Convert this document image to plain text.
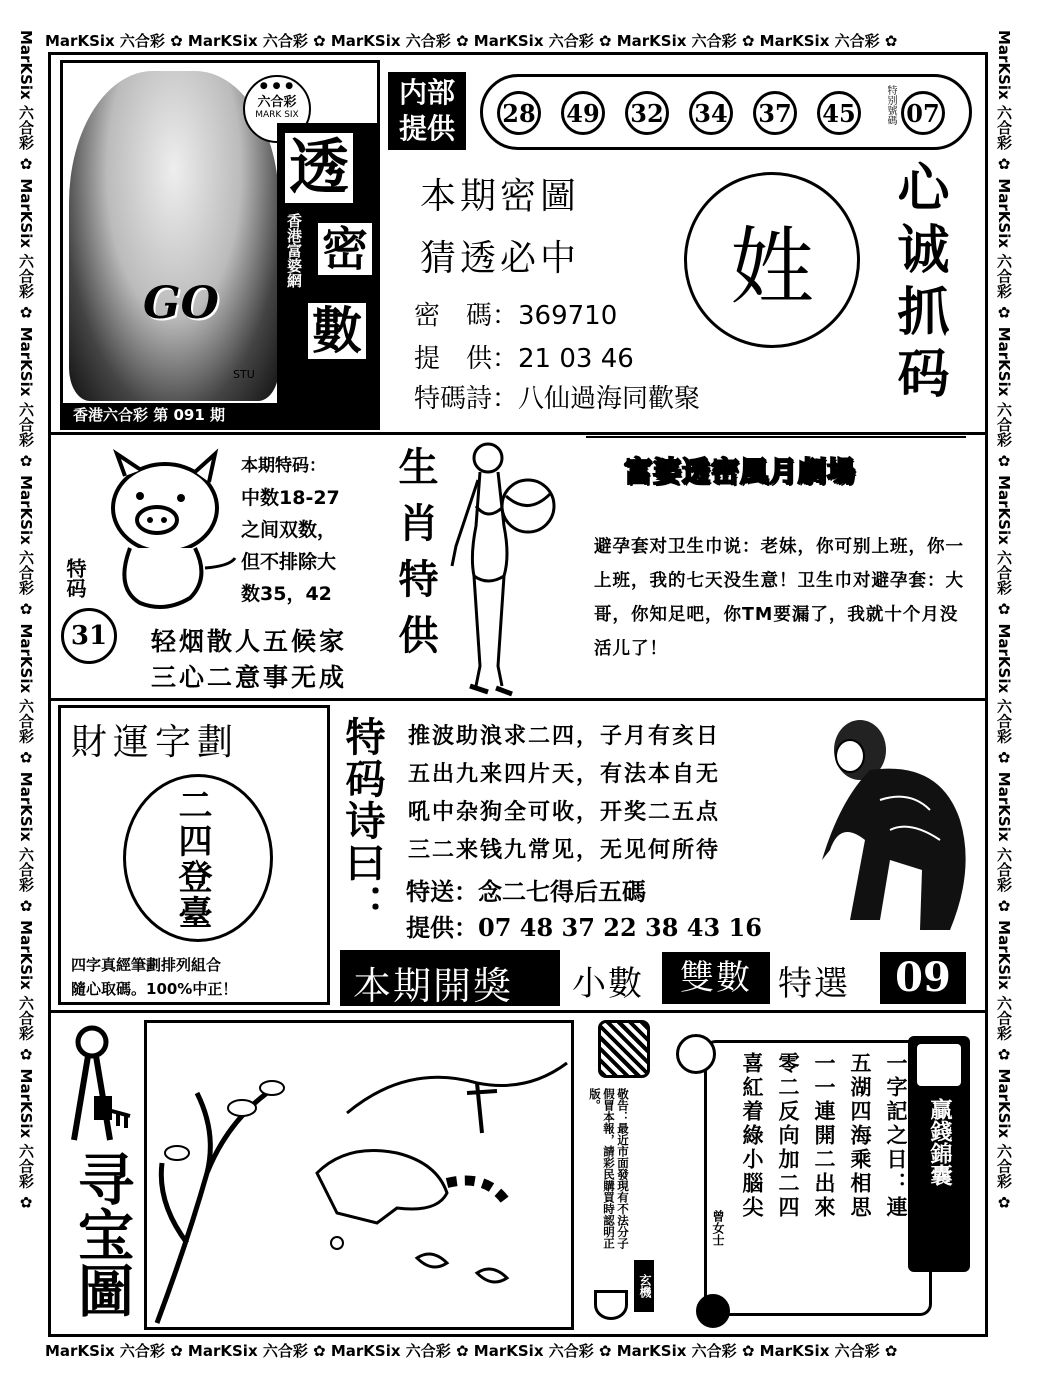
MarKSix 六合彩 ✿ MarKSix 六合彩 ✿ MarKSix 六合彩 ✿ MarKSix 六合彩 ✿ MarKSix 六合彩 ✿ MarKSix 六合彩 ✿
MarKSix 六合彩 ✿ MarKSix 六合彩 ✿ MarKSix 六合彩 ✿ MarKSix 六合彩 ✿ MarKSix 六合彩 ✿ MarKSix 六合彩 ✿
MarKSix 六合彩 ✿ MarKSix 六合彩 ✿ MarKSix 六合彩 ✿ MarKSix 六合彩 ✿ MarKSix 六合彩 ✿ MarKSix 六合彩 ✿ MarKSix 六合彩 ✿ MarKSix 六合彩 ✿
MarKSix 六合彩 ✿ MarKSix 六合彩 ✿ MarKSix 六合彩 ✿ MarKSix 六合彩 ✿ MarKSix 六合彩 ✿ MarKSix 六合彩 ✿ MarKSix 六合彩 ✿ MarKSix 六合彩 ✿
GO
STU
● ● ●
六合彩
MARK SIX
透
密
數
香港富婆網
香港六合彩 第 091 期
内部提供 28 49 32 34 37 45	特别號碼 07
本期密圖
猜透必中
密　碼：369710
提　供：21 03 46
特碼詩：八仙過海同歡聚
姓 心诚抓码
特码
31
本期特码：
中数18-27
之间双数，
但不排除大
数35，42
轻烟散人五候家
三心二意事无成
生肖特供	富婆透密風月劇場
避孕套对卫生巾说：老妹，你可别上班，你一上班，我的七天没生意！卫生巾对避孕套：大哥，你知足吧，你TM要漏了，我就十个月没活儿了！
財運字劃
二四登臺
四字真經筆劃排列組合
隨心取碼。100%中正！
特码诗曰： 推波助浪求二四，子月有亥日
五出九来四片天，有法本自无
吼中杂狗全可收，开奖二五点
三二来钱九常见，无见何所待
特送：念二七得后五碼
提供：07 48 37 22 38 43 16
本期開獎 小數	雙數 特選	09
寻宝圖	敬告：最近市面發現有不法分子假冒本報，請彩民購買時認明正版。
玄機
一字記之日：連
五湖四海乘相思
一一連開二出來
零二反向加二四
喜紅着綠小腦尖
曾女士
贏錢錦囊
